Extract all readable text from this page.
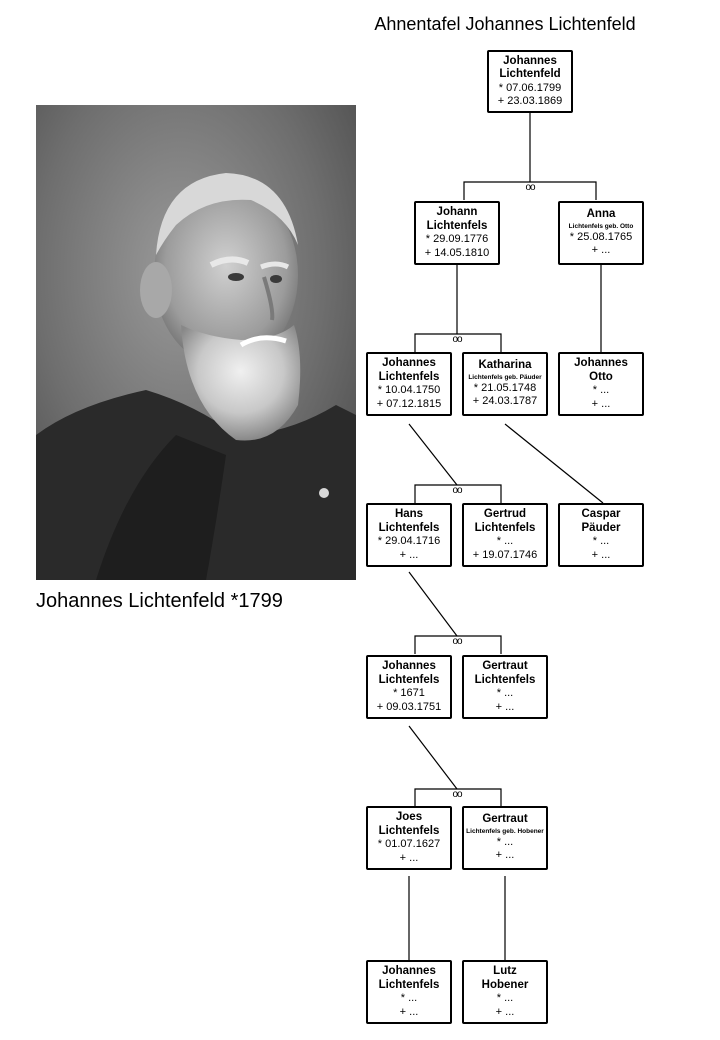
Ahnentafel Johannes Lichtenfeld
Johannes Lichtenfeld *1799
oo
oo
oo
oo
oo
Johannes
Lichtenfeld
* 07.06.1799
+ 23.03.1869
Johann
Lichtenfels
* 29.09.1776
+ 14.05.1810
Anna
Lichtenfels geb. Otto
* 25.08.1765
+ ...
Johannes
Lichtenfels
* 10.04.1750
+ 07.12.1815
Katharina
Lichtenfels geb. Päuder
* 21.05.1748
+ 24.03.1787
Johannes
Otto
* ...
+ ...
Hans
Lichtenfels
* 29.04.1716
+ ...
Gertrud
Lichtenfels
* ...
+ 19.07.1746
Caspar
Päuder
* ...
+ ...
Johannes
Lichtenfels
* 1671
+ 09.03.1751
Gertraut
Lichtenfels
* ...
+ ...
Joes
Lichtenfels
* 01.07.1627
+ ...
Gertraut
Lichtenfels geb. Hobener
* ...
+ ...
Johannes
Lichtenfels
* ...
+ ...
Lutz
Hobener
* ...
+ ...
